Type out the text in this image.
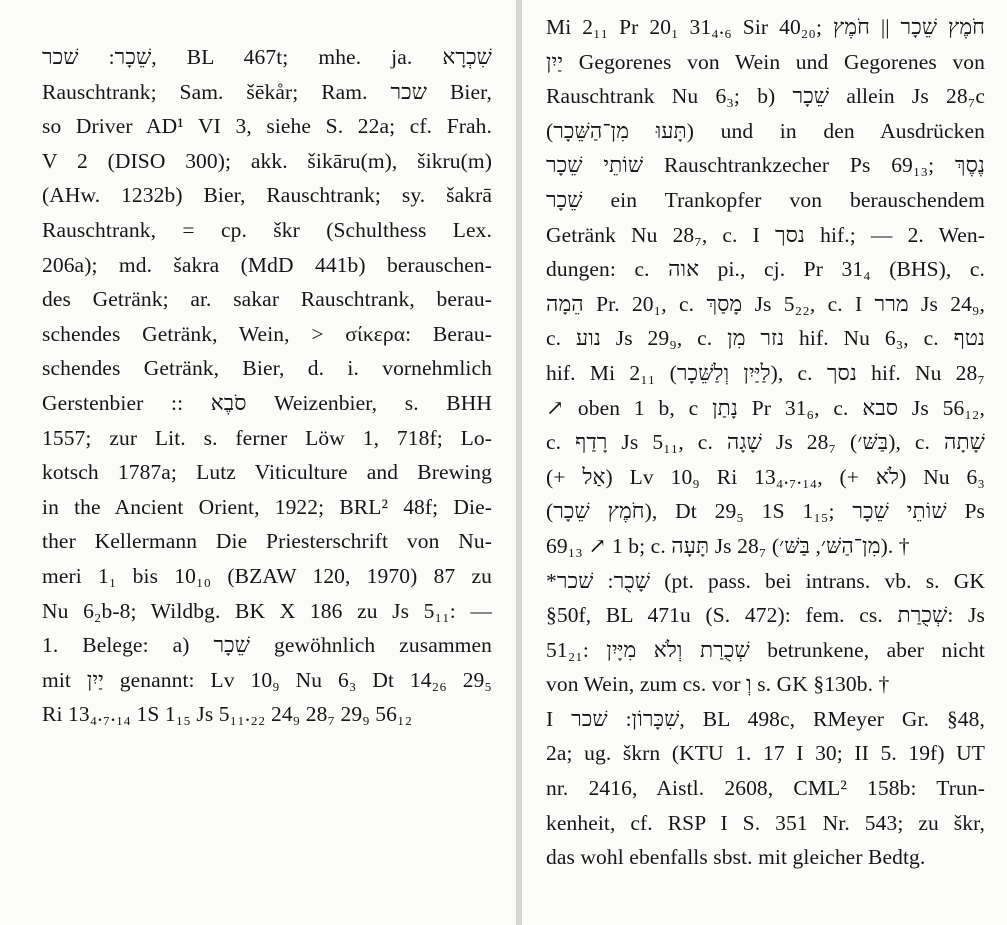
שֵׁכָר: שׁכר, BL 467t; mhe. ja. שִׁכְרָא
Rauschtrank; Sam. šēkår; Ram. שכר Bier,
so Driver AD¹ VI 3, siehe S. 22a; cf. Frah.
V 2 (DISO 300); akk. šikāru(m), šikru(m)
(AHw. 1232b) Bier, Rauschtrank; sy. šakrā
Rauschtrank, = cp. škr (Schulthess Lex.
206a); md. šakra (MdD 441b) berauschen-
des Getränk; ar. sakar Rauschtrank, berau-
schendes Getränk, Wein, > σίκερα: Berau-
schendes Getränk, Bier, d. i. vornehmlich
Gerstenbier :: סֹבֶא Weizenbier, s. BHH
1557; zur Lit. s. ferner Löw 1, 718f; Lo-
kotsch 1787a; Lutz Viticulture and Brewing
in the Ancient Orient, 1922; BRL² 48f; Die-
ther Kellermann Die Priesterschrift von Nu-
meri 1₁ bis 10₁₀ (BZAW 120, 1970) 87 zu
Nu 6₂b-8; Wildbg. BK X 186 zu Js 5₁₁: —
1. Belege: a) שֵׁכָר gewöhnlich zusammen
mit יַיִן genannt: Lv 10₉ Nu 6₃ Dt 14₂₆ 29₅
Ri 13₄.₇.₁₄ 1S 1₁₅ Js 5₁₁.₂₂ 24₉ 28₇ 29₉ 56₁₂
Mi 2₁₁ Pr 20₁ 31₄.₆ Sir 40₂₀; חֹמֶץ שֵׁכָר || חֹמֶץ
יַיִן Gegorenes von Wein und Gegorenes von
Rauschtrank Nu 6₃; b) שֵׁכָר allein Js 28₇c
(תָּעוּ מִן־הַשֵּׁכָר) und in den Ausdrücken
שׁוֹתֵי שֵׁכָר Rauschtrankzecher Ps 69₁₃; נֶסֶךְ
שֵׁכָר ein Trankopfer von berauschendem
Getränk Nu 28₇, c. I נסך hif.; — 2. Wen-
dungen: c. אוה pi., cj. Pr 31₄ (BHS), c.
הֵמָה Pr. 20₁, c. מָסַךְ Js 5₂₂, c. I מרר Js 24₉,
c. נוע Js 29₉, c. נזר מִן hif. Nu 6₃, c. נטף
hif. Mi 2₁₁ (לַיַּיִן וְלַשֵּׁכָר), c. נסך hif. Nu 28₇
↗ oben 1 b, c נָתַן Pr 31₆, c. סבא Js 56₁₂,
c. רָדַף Js 5₁₁, c. שָׁגָה Js 28₇ (בַּשּׁ׳), c. שָׁתָה
(+ אַל) Lv 10₉ Ri 13₄.₇.₁₄, (+ לֹא) Nu 6₃
(חֹמֶץ שֵׁכָר), Dt 29₅ 1S 1₁₅; שׁוֹתֵי שֵׁכָר Ps
69₁₃ ↗ 1 b; c. תָּעָה Js 28₇ (מִן־הַשּׁ׳, בַּשּׁ׳). †
*שָׁכֻר: שׁכר (pt. pass. bei intrans. vb. s. GK
§50f, BL 471u (S. 472): fem. cs. שְׁכֻרַת: Js
51₂₁: שְׁכֻרַת וְלֹא מִיָּיִן betrunkene, aber nicht
von Wein, zum cs. vor וְ s. GK §130b. †
I שִׁכָּרוֹן: שׁכר, BL 498c, RMeyer Gr. §48,
2a; ug. škrn (KTU 1. 17 I 30; II 5. 19f) UT
nr. 2416, Aistl. 2608, CML² 158b: Trun-
kenheit, cf. RSP I S. 351 Nr. 543; zu škr,
das wohl ebenfalls sbst. mit gleicher Bedtg.
